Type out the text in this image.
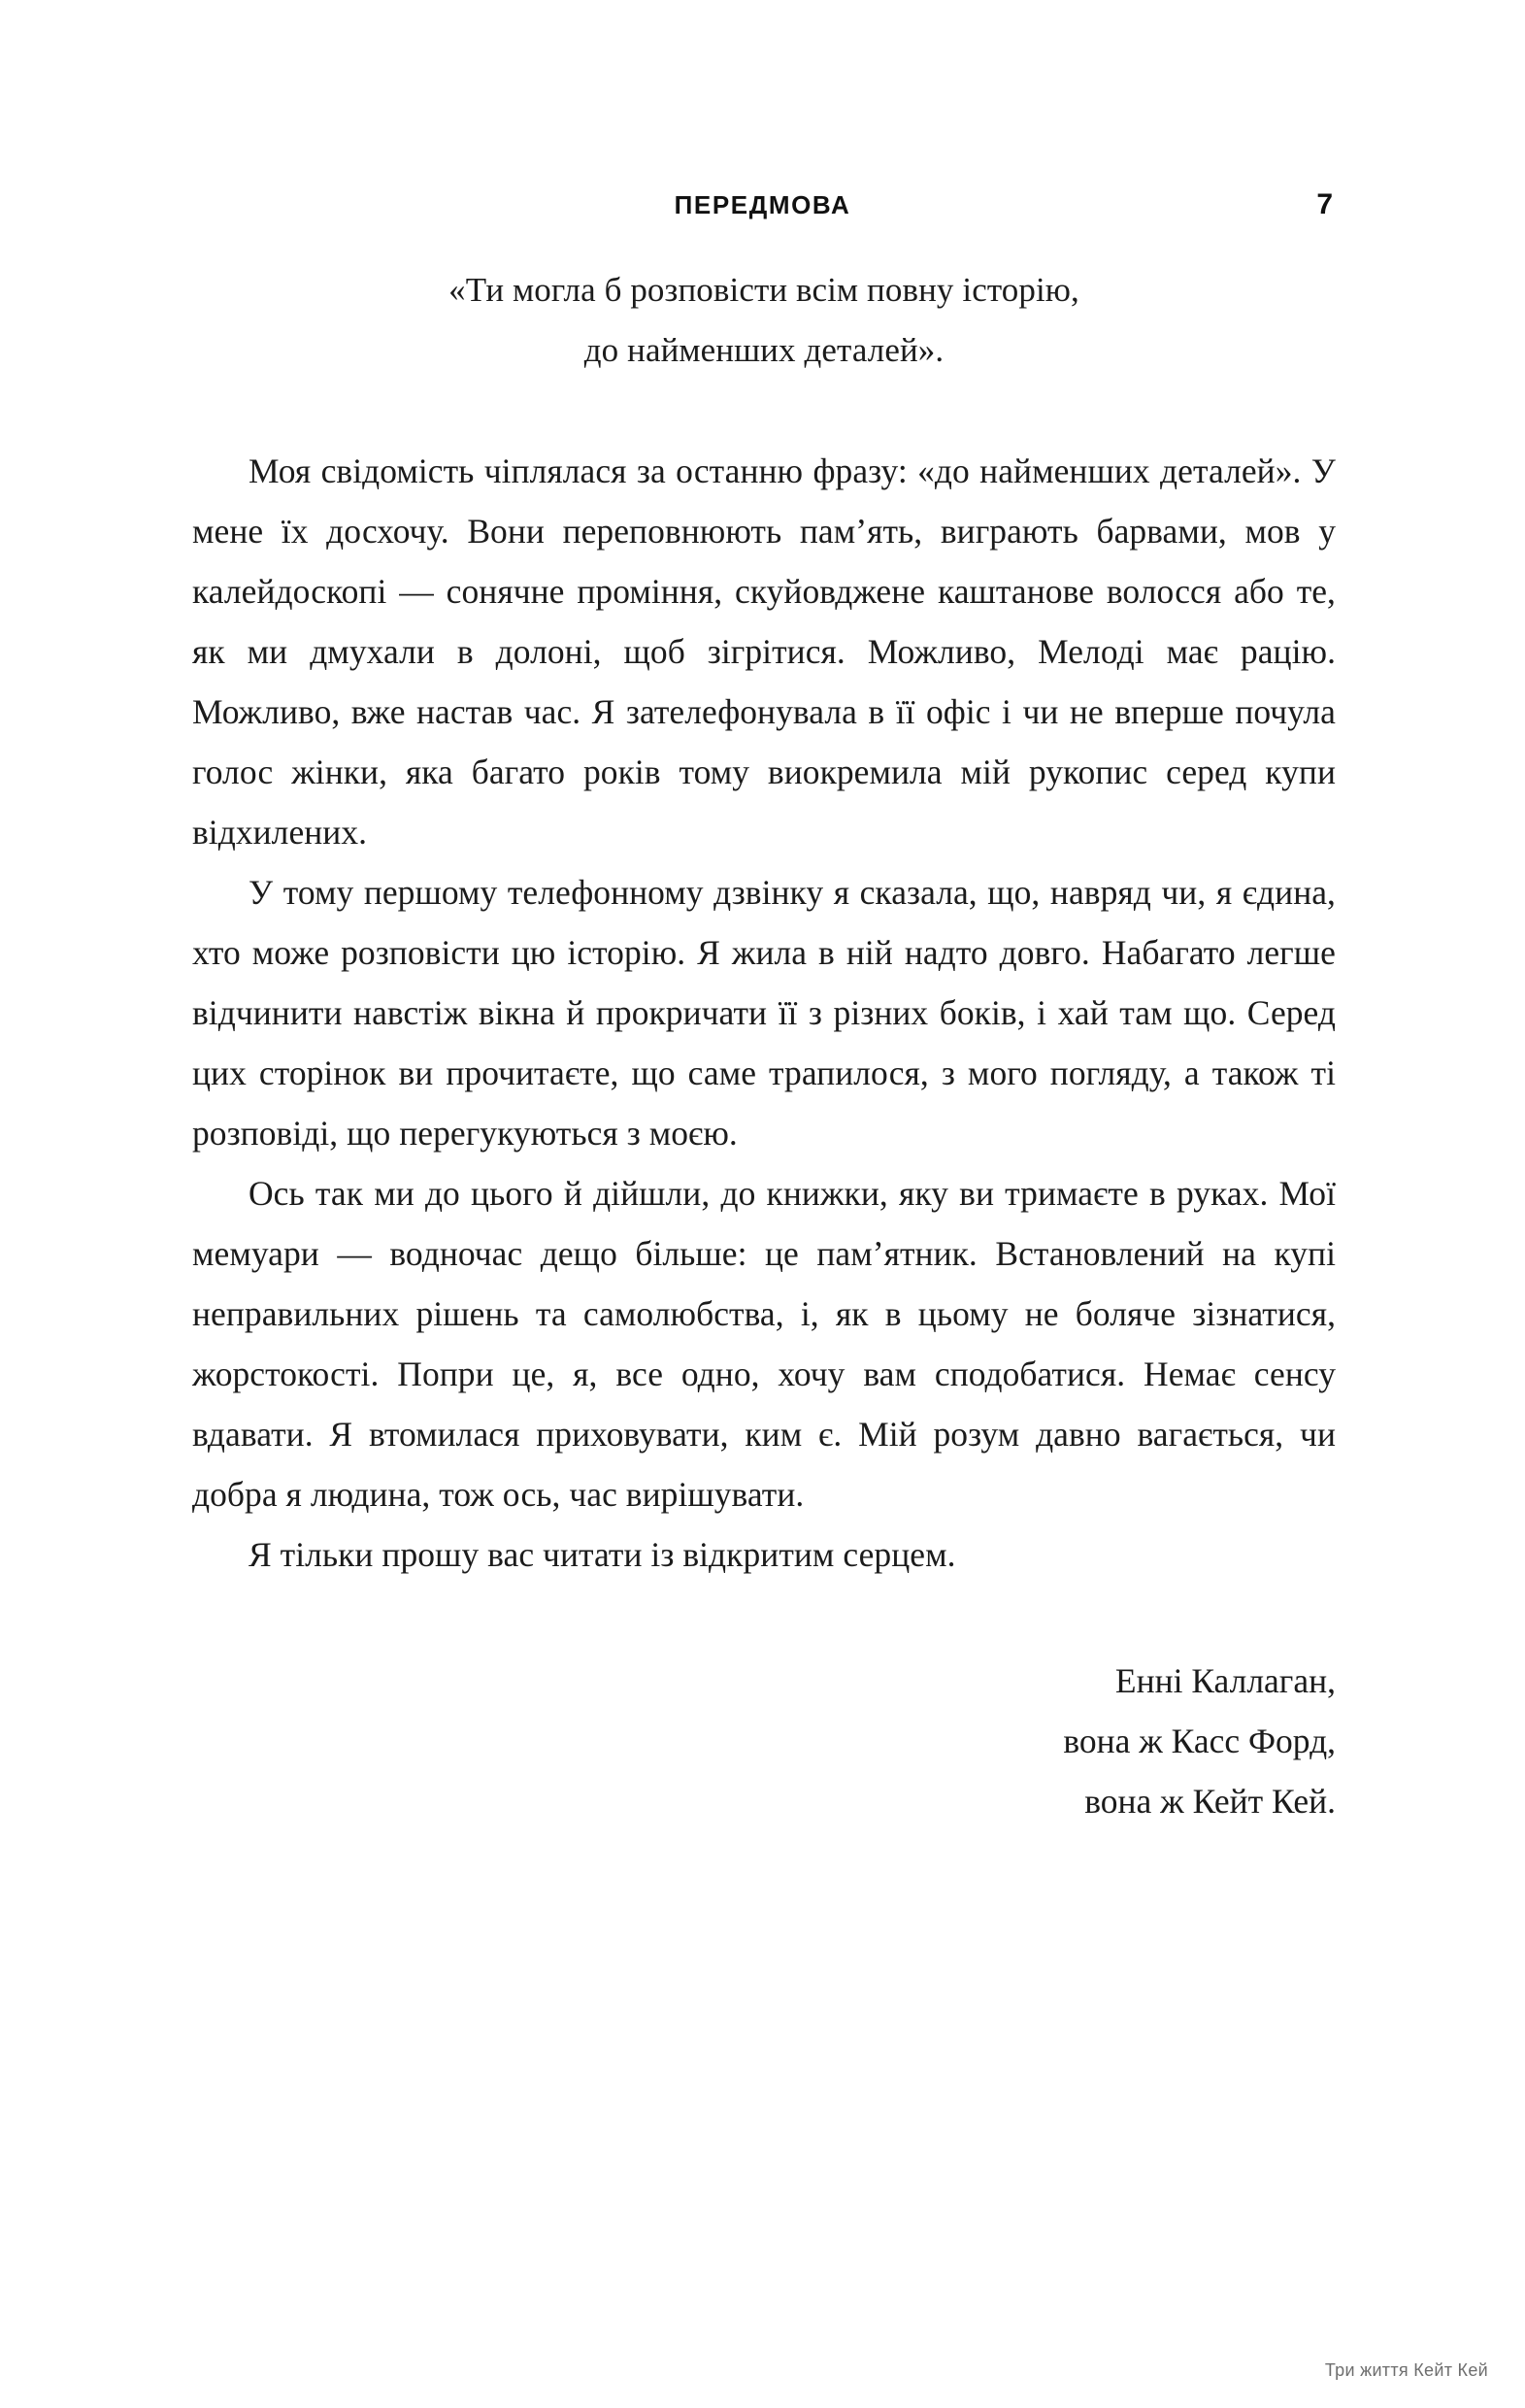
ПЕРЕДМОВА	7
«Ти могла б розповісти всім повну історію,
до найменших деталей».

Моя свідомість чіплялася за останню фразу: «до найменших деталей». У мене їх досхочу. Вони переповнюють памʼять, виграють барвами, мов у калейдоскопі — сонячне проміння, скуйовджене каштанове волосся або те, як ми дмухали в долоні, щоб зігрітися. Можливо, Мелоді має рацію. Можливо, вже настав час. Я зателефонувала в її офіс і чи не вперше почула голос жінки, яка багато років тому виокремила мій рукопис серед купи відхилених.

У тому першому телефонному дзвінку я сказала, що, навряд чи, я єдина, хто може розповісти цю історію. Я жила в ній надто довго. Набагато легше відчинити навстіж вікна й прокричати її з різних боків, і хай там що. Серед цих сторінок ви прочитаєте, що саме трапилося, з мого погляду, а також ті розповіді, що перегукуються з моєю.

Ось так ми до цього й дійшли, до книжки, яку ви тримаєте в руках. Мої мемуари — водночас дещо більше: це памʼятник. Встановлений на купі неправильних рішень та самолюбства, і, як в цьому не боляче зізнатися, жорстокості. Попри це, я, все одно, хочу вам сподобатися. Немає сенсу вдавати. Я втомилася приховувати, ким є. Мій розум давно вагається, чи добра я людина, тож ось, час вирішувати.

Я тільки прошу вас читати із відкритим серцем.

Енні Каллаган,
вона ж Касс Форд,
вона ж Кейт Кей.
Три життя Кейт Кей
